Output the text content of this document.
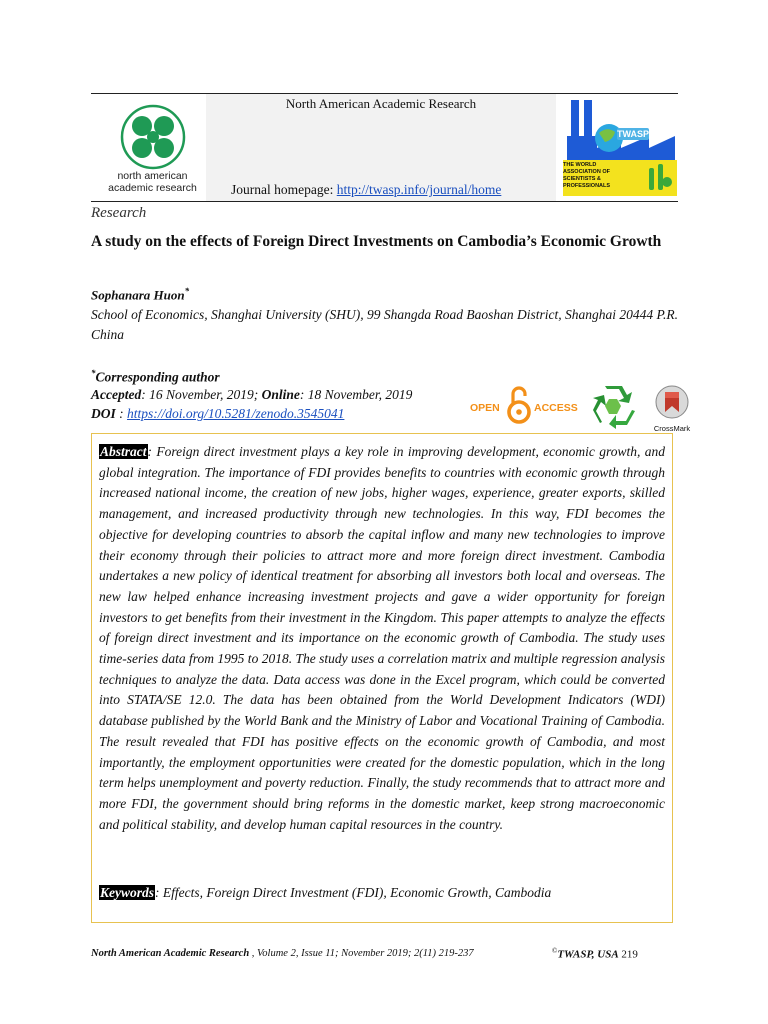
north american
academic research
North American Academic Research
Journal homepage: http://twasp.info/journal/home
TWASP
THE WORLD
ASSOCIATION OF
SCIENTISTS &
PROFESSIONALS
Research
A study on the effects of Foreign Direct Investments on Cambodia’s Economic Growth
Sophanara Huon*
School of Economics, Shanghai University (SHU), 99 Shangda Road Baoshan District, Shanghai 20444 P.R. China
*Corresponding author
Accepted: 16 November, 2019; Online: 18 November, 2019
DOI : https://doi.org/10.5281/zenodo.3545041	OPEN	ACCESS
CrossMark
Abstract: Foreign direct investment plays a key role in improving development, economic growth, and global integration. The importance of FDI provides benefits to countries with economic growth through increased national income, the creation of new jobs, higher wages, experience, greater exports, skilled management, and increased productivity through new technologies. In this way, FDI becomes the objective for developing countries to absorb the capital inflow and many new technologies to improve their economy through their policies to attract more and more foreign direct investment. Cambodia undertakes a new policy of identical treatment for absorbing all investors both local and overseas. The new law helped enhance increasing investment projects and gave a wider opportunity for foreign investors to get benefits from their investment in the Kingdom. This paper attempts to analyze the effects of foreign direct investment and its importance on the economic growth of Cambodia. The study uses time-series data from 1995 to 2018. The study uses a correlation matrix and multiple regression analysis techniques to analyze the data. Data access was done in the Excel program, which could be converted into STATA/SE 12.0. The data has been obtained from the World Development Indicators (WDI) database published by the World Bank and the Ministry of Labor and Vocational Training of Cambodia. The result revealed that FDI has positive effects on the economic growth of Cambodia, and most importantly, the employment opportunities were created for the domestic population, which in the long term helps unemployment and poverty reduction. Finally, the study recommends that to attract more and more FDI, the government should bring reforms in the domestic market, keep strong macroeconomic and political stability, and develop human capital resources in the country.
Keywords: Effects, Foreign Direct Investment (FDI), Economic Growth, Cambodia
North American Academic Research , Volume 2, Issue 11; November 2019; 2(11) 219-237	©TWASP, USA 219
